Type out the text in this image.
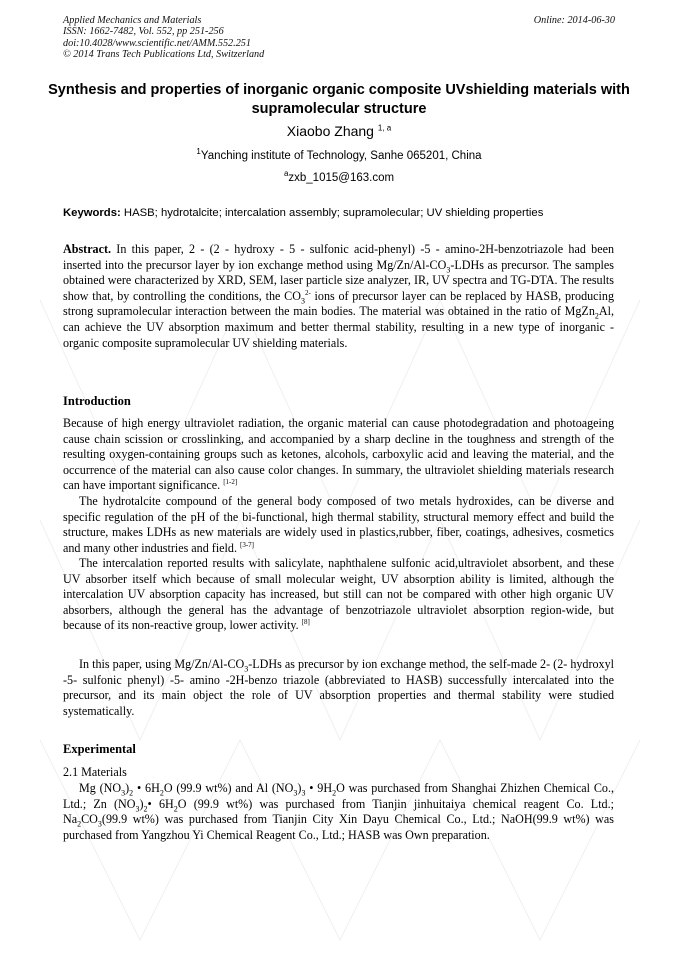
Applied Mechanics and Materials
ISSN: 1662-7482, Vol. 552, pp 251-256
doi:10.4028/www.scientific.net/AMM.552.251
© 2014 Trans Tech Publications Ltd, Switzerland
Online: 2014-06-30
Synthesis and properties of inorganic organic composite UVshielding materials with supramolecular structure
Xiaobo Zhang $^{1, a}$
$^1$Yanching institute of Technology, Sanhe 065201, China
$^a$zxb_1015@163.com
Keywords: HASB; hydrotalcite; intercalation assembly; supramolecular; UV shielding properties

Abstract. In this paper, 2 - (2 - hydroxy - 5 - sulfonic acid-phenyl) -5 - amino-2H-benzotriazole had been inserted into the precursor layer by ion exchange method using $Mg/Zn/Al-CO_3$-LDHs as precursor. The samples obtained were characterized by XRD, SEM, laser particle size analyzer, IR, UV spectra and TG-DTA. The results show that, by controlling the conditions, the $CO_3^{2-}$ ions of precursor layer can be replaced by HASB, producing strong supramolecular interaction between the main bodies. The material was obtained in the ratio of MgZn$_2$Al, can achieve the UV absorption maximum and better thermal stability, resulting in a new type of inorganic - organic composite supramolecular UV shielding materials.

Introduction

Because of high energy ultraviolet radiation, the organic material can cause photodegradation and photoageing cause chain scission or crosslinking, and accompanied by a sharp decline in the toughness and strength of the resulting oxygen-containing groups such as ketones, alcohols, carboxylic acid and leaving the material, and the occurrence of the material can also cause color changes. In summary, the ultraviolet shielding materials research can have important significance. [1-2]

The hydrotalcite compound of the general body composed of two metals hydroxides, can be diverse and specific regulation of the pH of the bi-functional, high thermal stability, structural memory effect and build the structure, makes LDHs as new materials are widely used in plastics,rubber, fiber, coatings, adhesives, cosmetics and many other industries and field. [3-7]

The intercalation reported results with salicylate, naphthalene sulfonic acid,ultraviolet absorbent, and these UV absorber itself which because of small molecular weight, UV absorption ability is limited, although the intercalation UV absorption capacity has increased, but still can not be compared with other high organic UV absorbers, although the general has the advantage of benzotriazole ultraviolet absorption region-wide, but because of its non-reactive group, lower activity. [8]

In this paper, using $Mg/Zn/Al-CO_3$-LDHs as precursor by ion exchange method, the self-made 2- (2- hydroxyl -5- sulfonic phenyl) -5- amino -2H-benzo triazole (abbreviated to HASB) successfully intercalated into the precursor, and its main object the role of UV absorption properties and thermal stability were studied systematically.

Experimental

2.1 Materials

Mg $(NO_3)_2$ • $6H_2O$ (99.9 wt%) and Al $(NO_3)_3$ • $9H_2O$ was purchased from Shanghai Zhizhen Chemical Co., Ltd.; Zn $(NO_3)_2•$ $6H_2O$ (99.9 wt%) was purchased from Tianjin jinhuitaiya chemical reagent Co. Ltd.; $Na_2CO_3(99.9$ wt%) was purchased from Tianjin City Xin Dayu Chemical Co., Ltd.; NaOH(99.9 wt%) was purchased from Yangzhou Yi Chemical Reagent Co., Ltd.; HASB was Own preparation.
